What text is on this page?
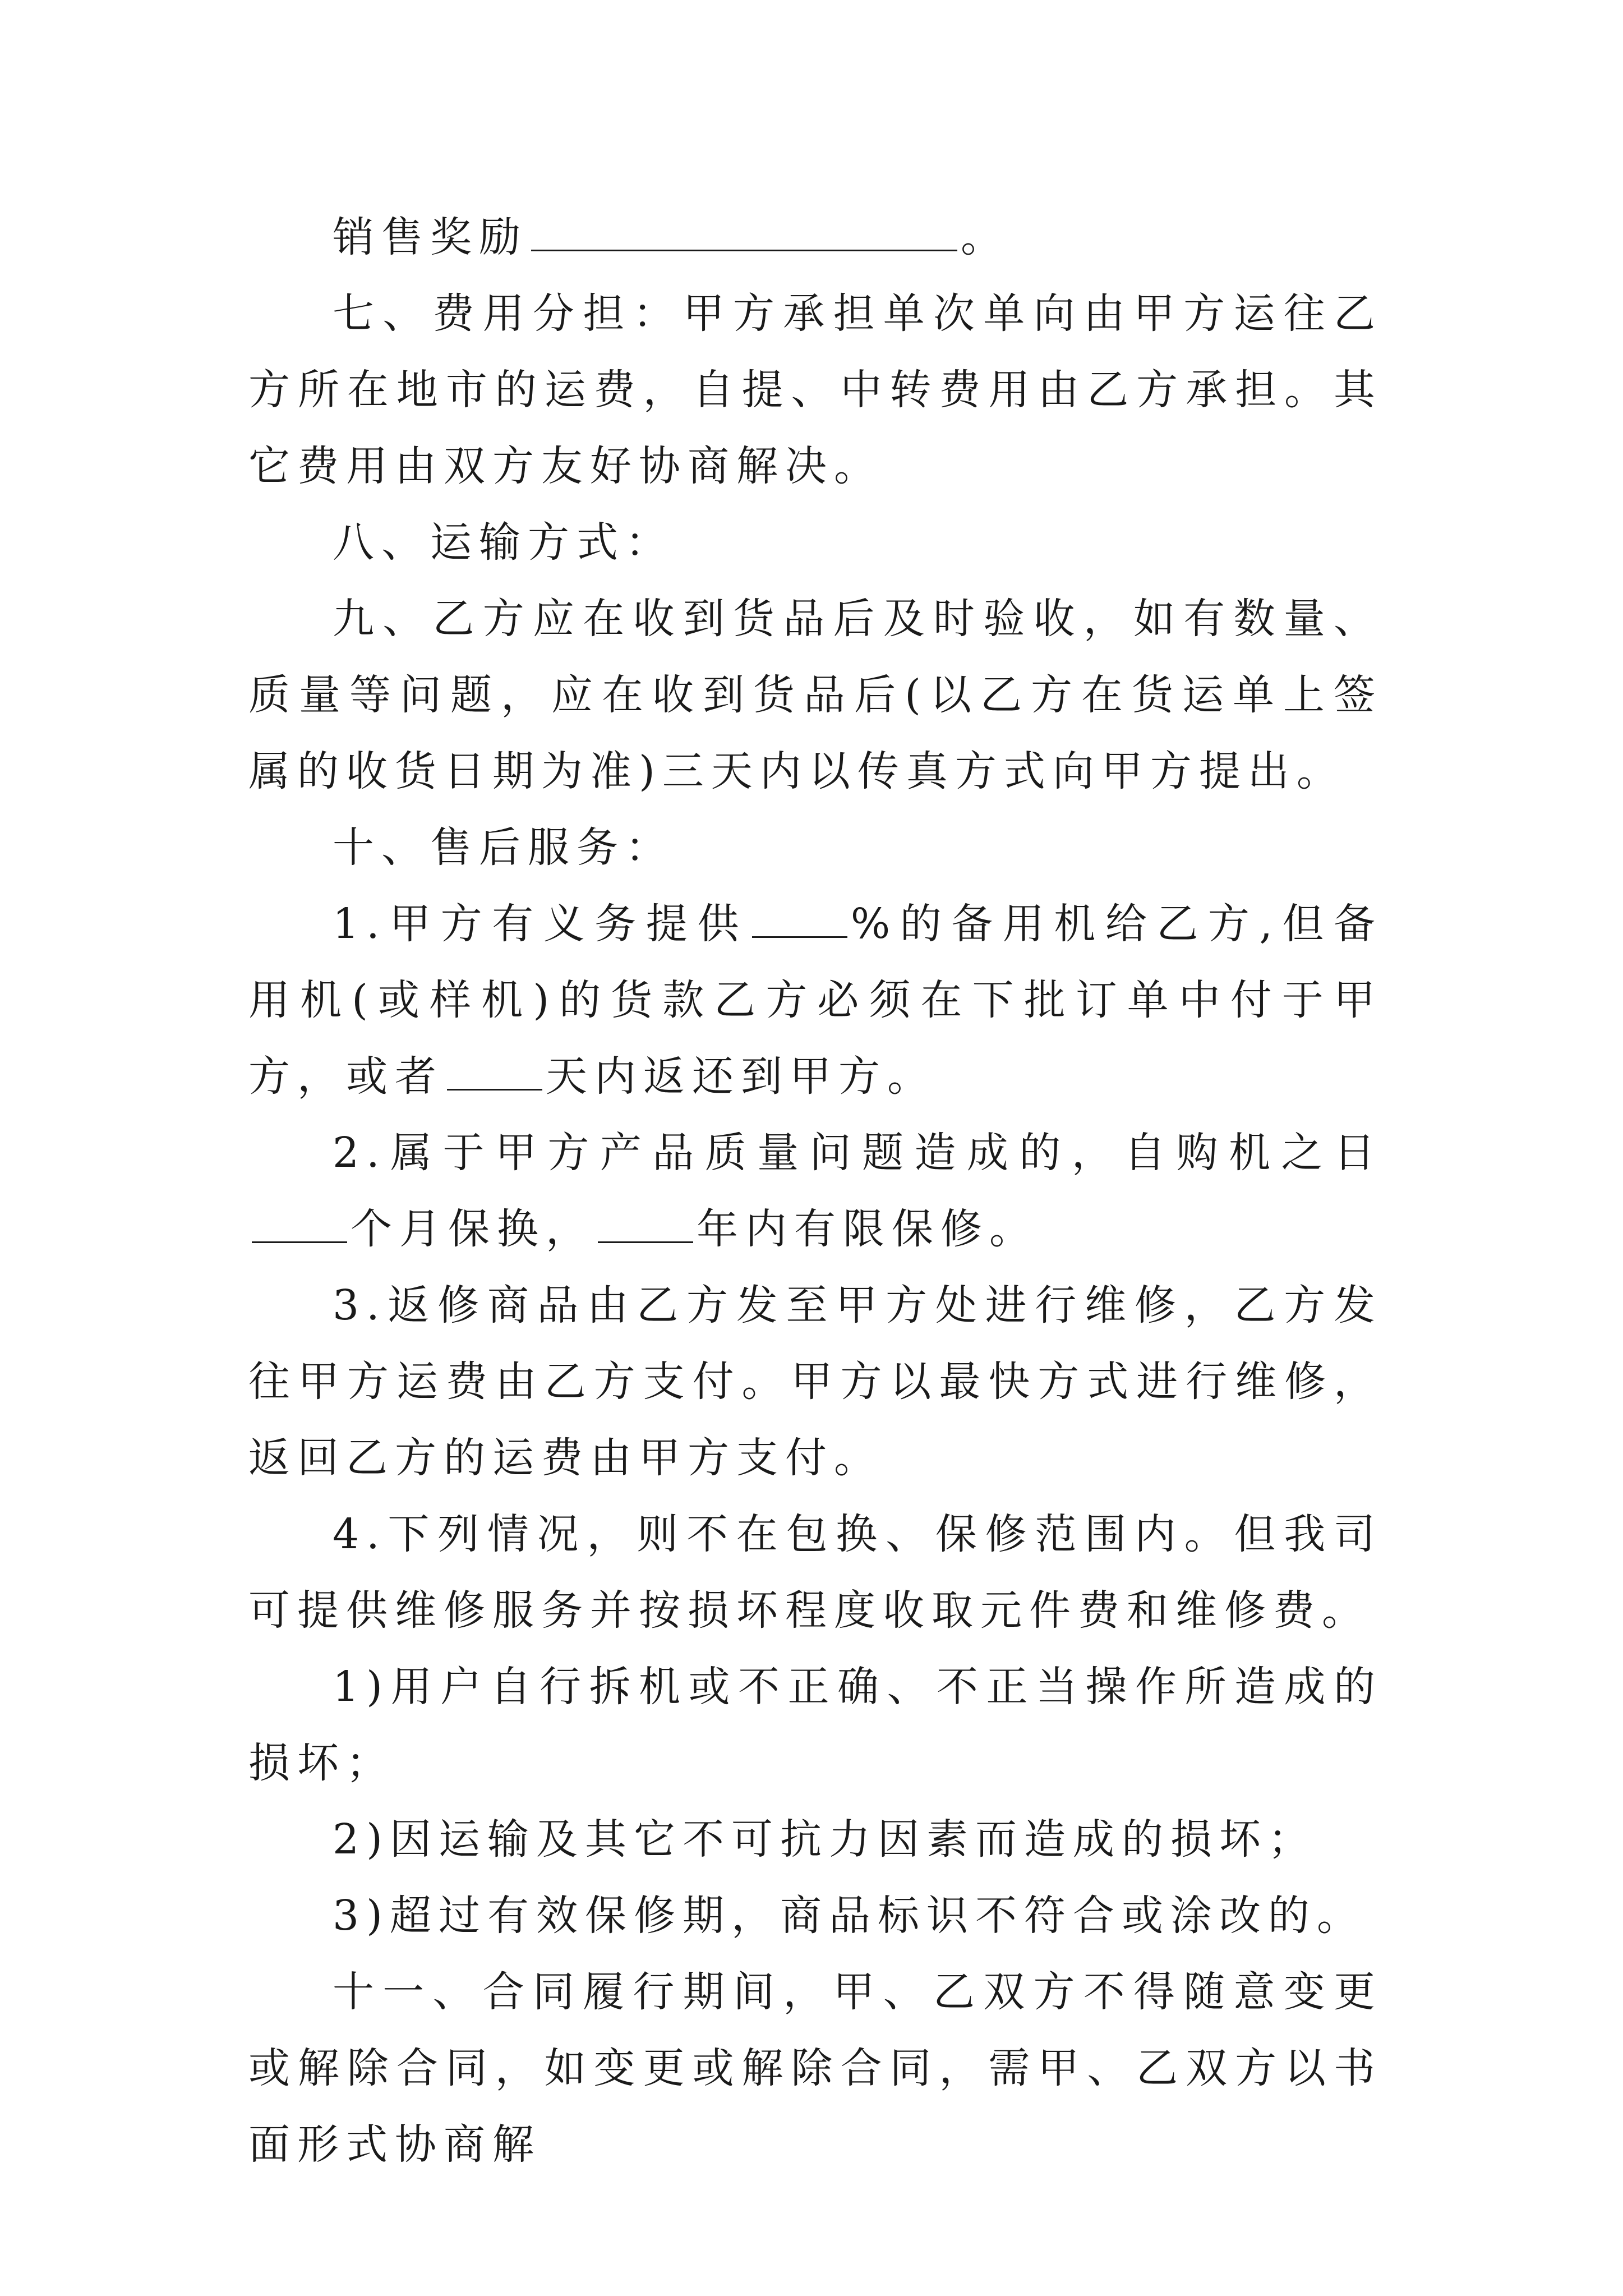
销售奖励	。

七、费用分担：甲方承担单次单向由甲方运往乙方所在地市的运费，自提、中转费用由乙方承担。其它费用由双方友好协商解决。

八、运输方式：

九、乙方应在收到货品后及时验收，如有数量、质量等问题，应在收到货品后(以乙方在货运单上签属的收货日期为准)三天内以传真方式向甲方提出。

十、售后服务：

1.甲方有义务提供 %的备用机给乙方,但备用机(或样机)的货款乙方必须在下批订单中付于甲方，或者 天内返还到甲方。

2.属于甲方产品质量问题造成的，自购机之日个月保换， 年内有限保修。

3.返修商品由乙方发至甲方处进行维修，乙方发往甲方运费由乙方支付。甲方以最快方式进行维修，返回乙方的运费由甲方支付。

4.下列情况，则不在包换、保修范围内。但我司可提供维修服务并按损坏程度收取元件费和维修费。

1)用户自行拆机或不正确、不正当操作所造成的损坏；

2)因运输及其它不可抗力因素而造成的损坏；

3)超过有效保修期，商品标识不符合或涂改的。

十一、合同履行期间，甲、乙双方不得随意变更或解除合同，如变更或解除合同，需甲、乙双方以书面形式协商解
